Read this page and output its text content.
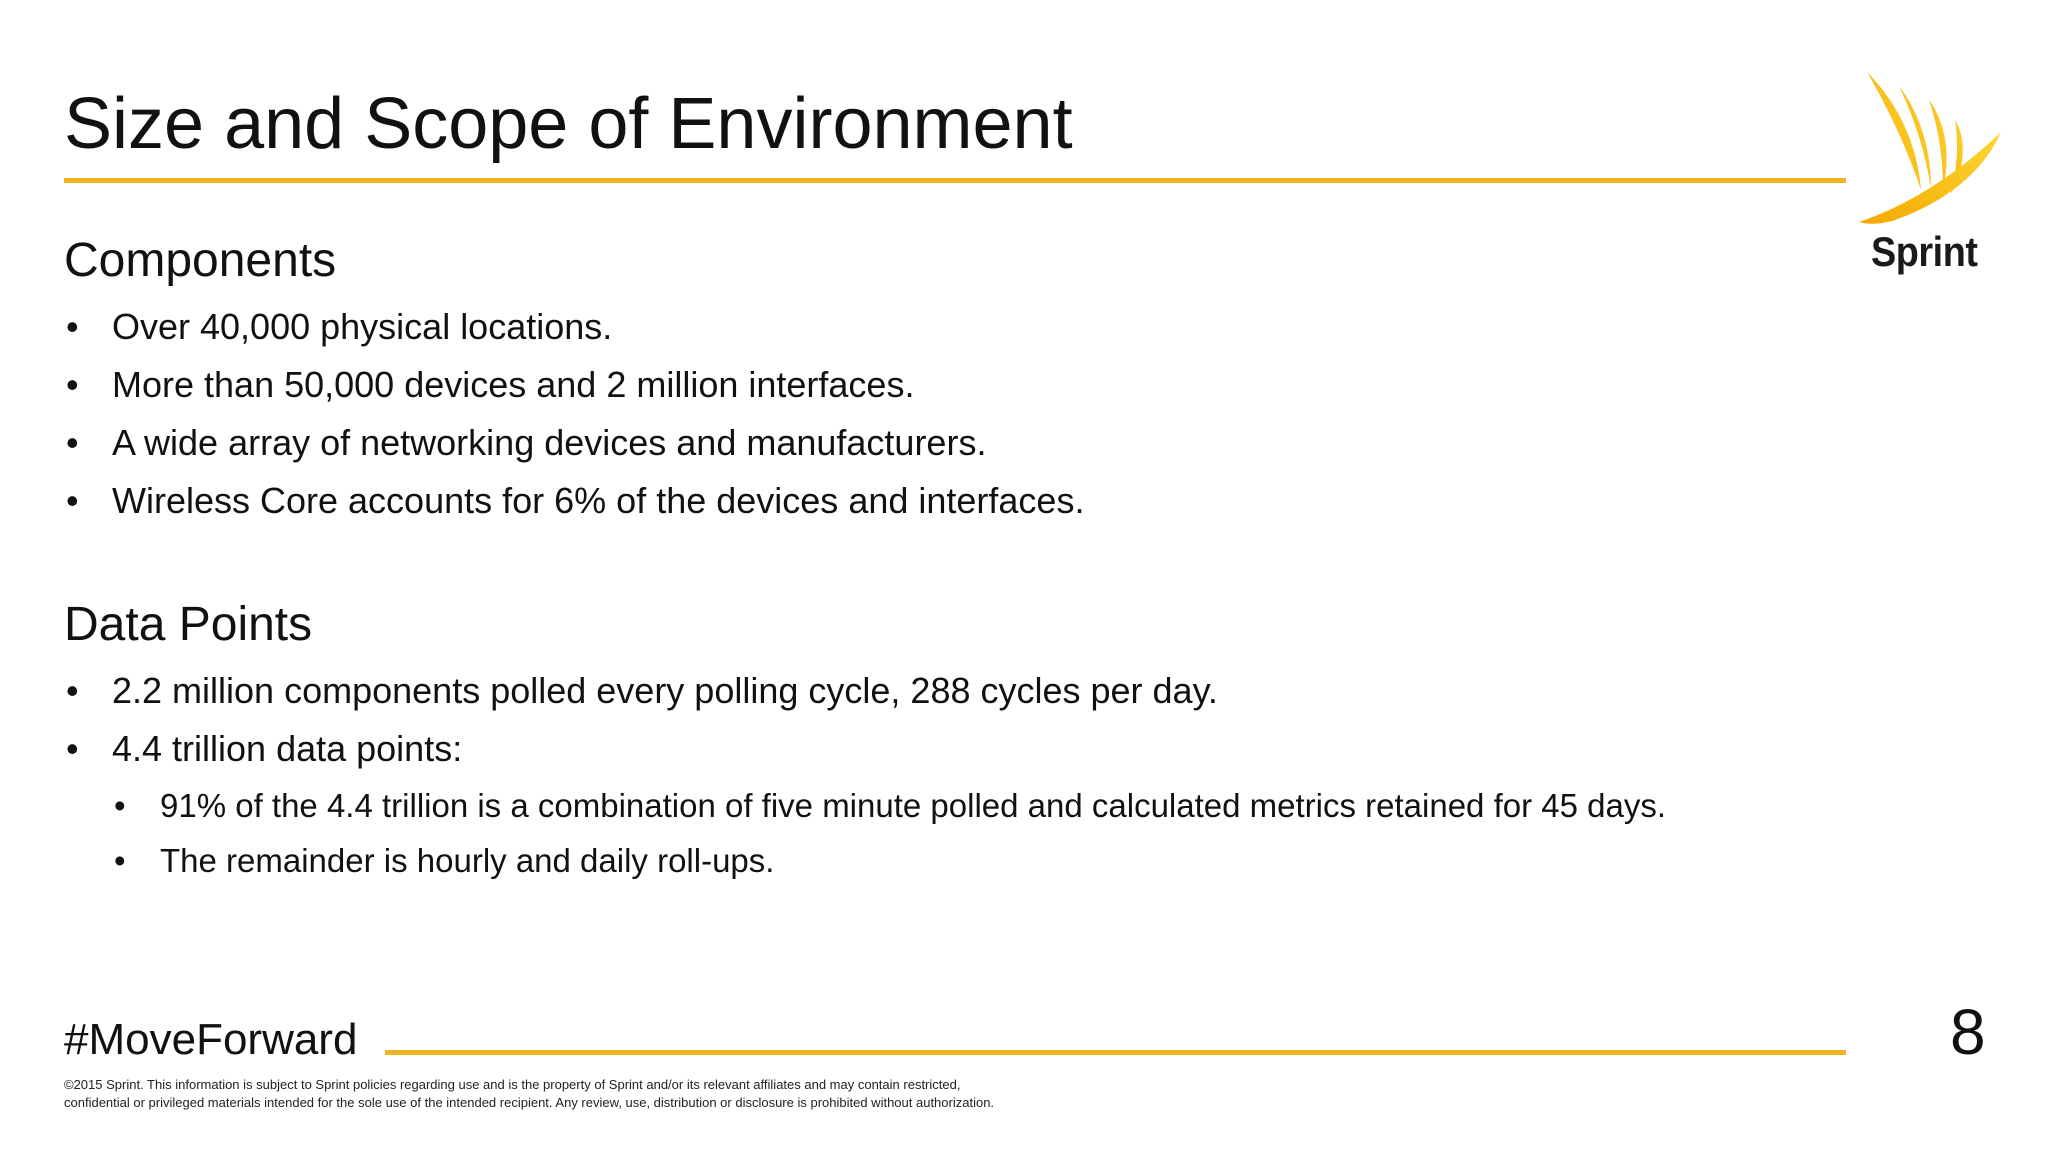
Size and Scope of Environment
Sprint
Components
• Over 40,000 physical locations.
• More than 50,000 devices and 2 million interfaces.
• A wide array of networking devices and manufacturers.
• Wireless Core accounts for 6% of the devices and interfaces.
Data Points
• 2.2 million components polled every polling cycle, 288 cycles per day.
• 4.4 trillion data points:
• 91% of the 4.4 trillion is a combination of five minute polled and calculated metrics retained for 45 days.
• The remainder is hourly and daily roll-ups.
#MoveForward	8
©2015 Sprint. This information is subject to Sprint policies regarding use and is the property of Sprint and/or its relevant affiliates and may contain restricted,
confidential or privileged materials intended for the sole use of the intended recipient. Any review, use, distribution or disclosure is prohibited without authorization.
